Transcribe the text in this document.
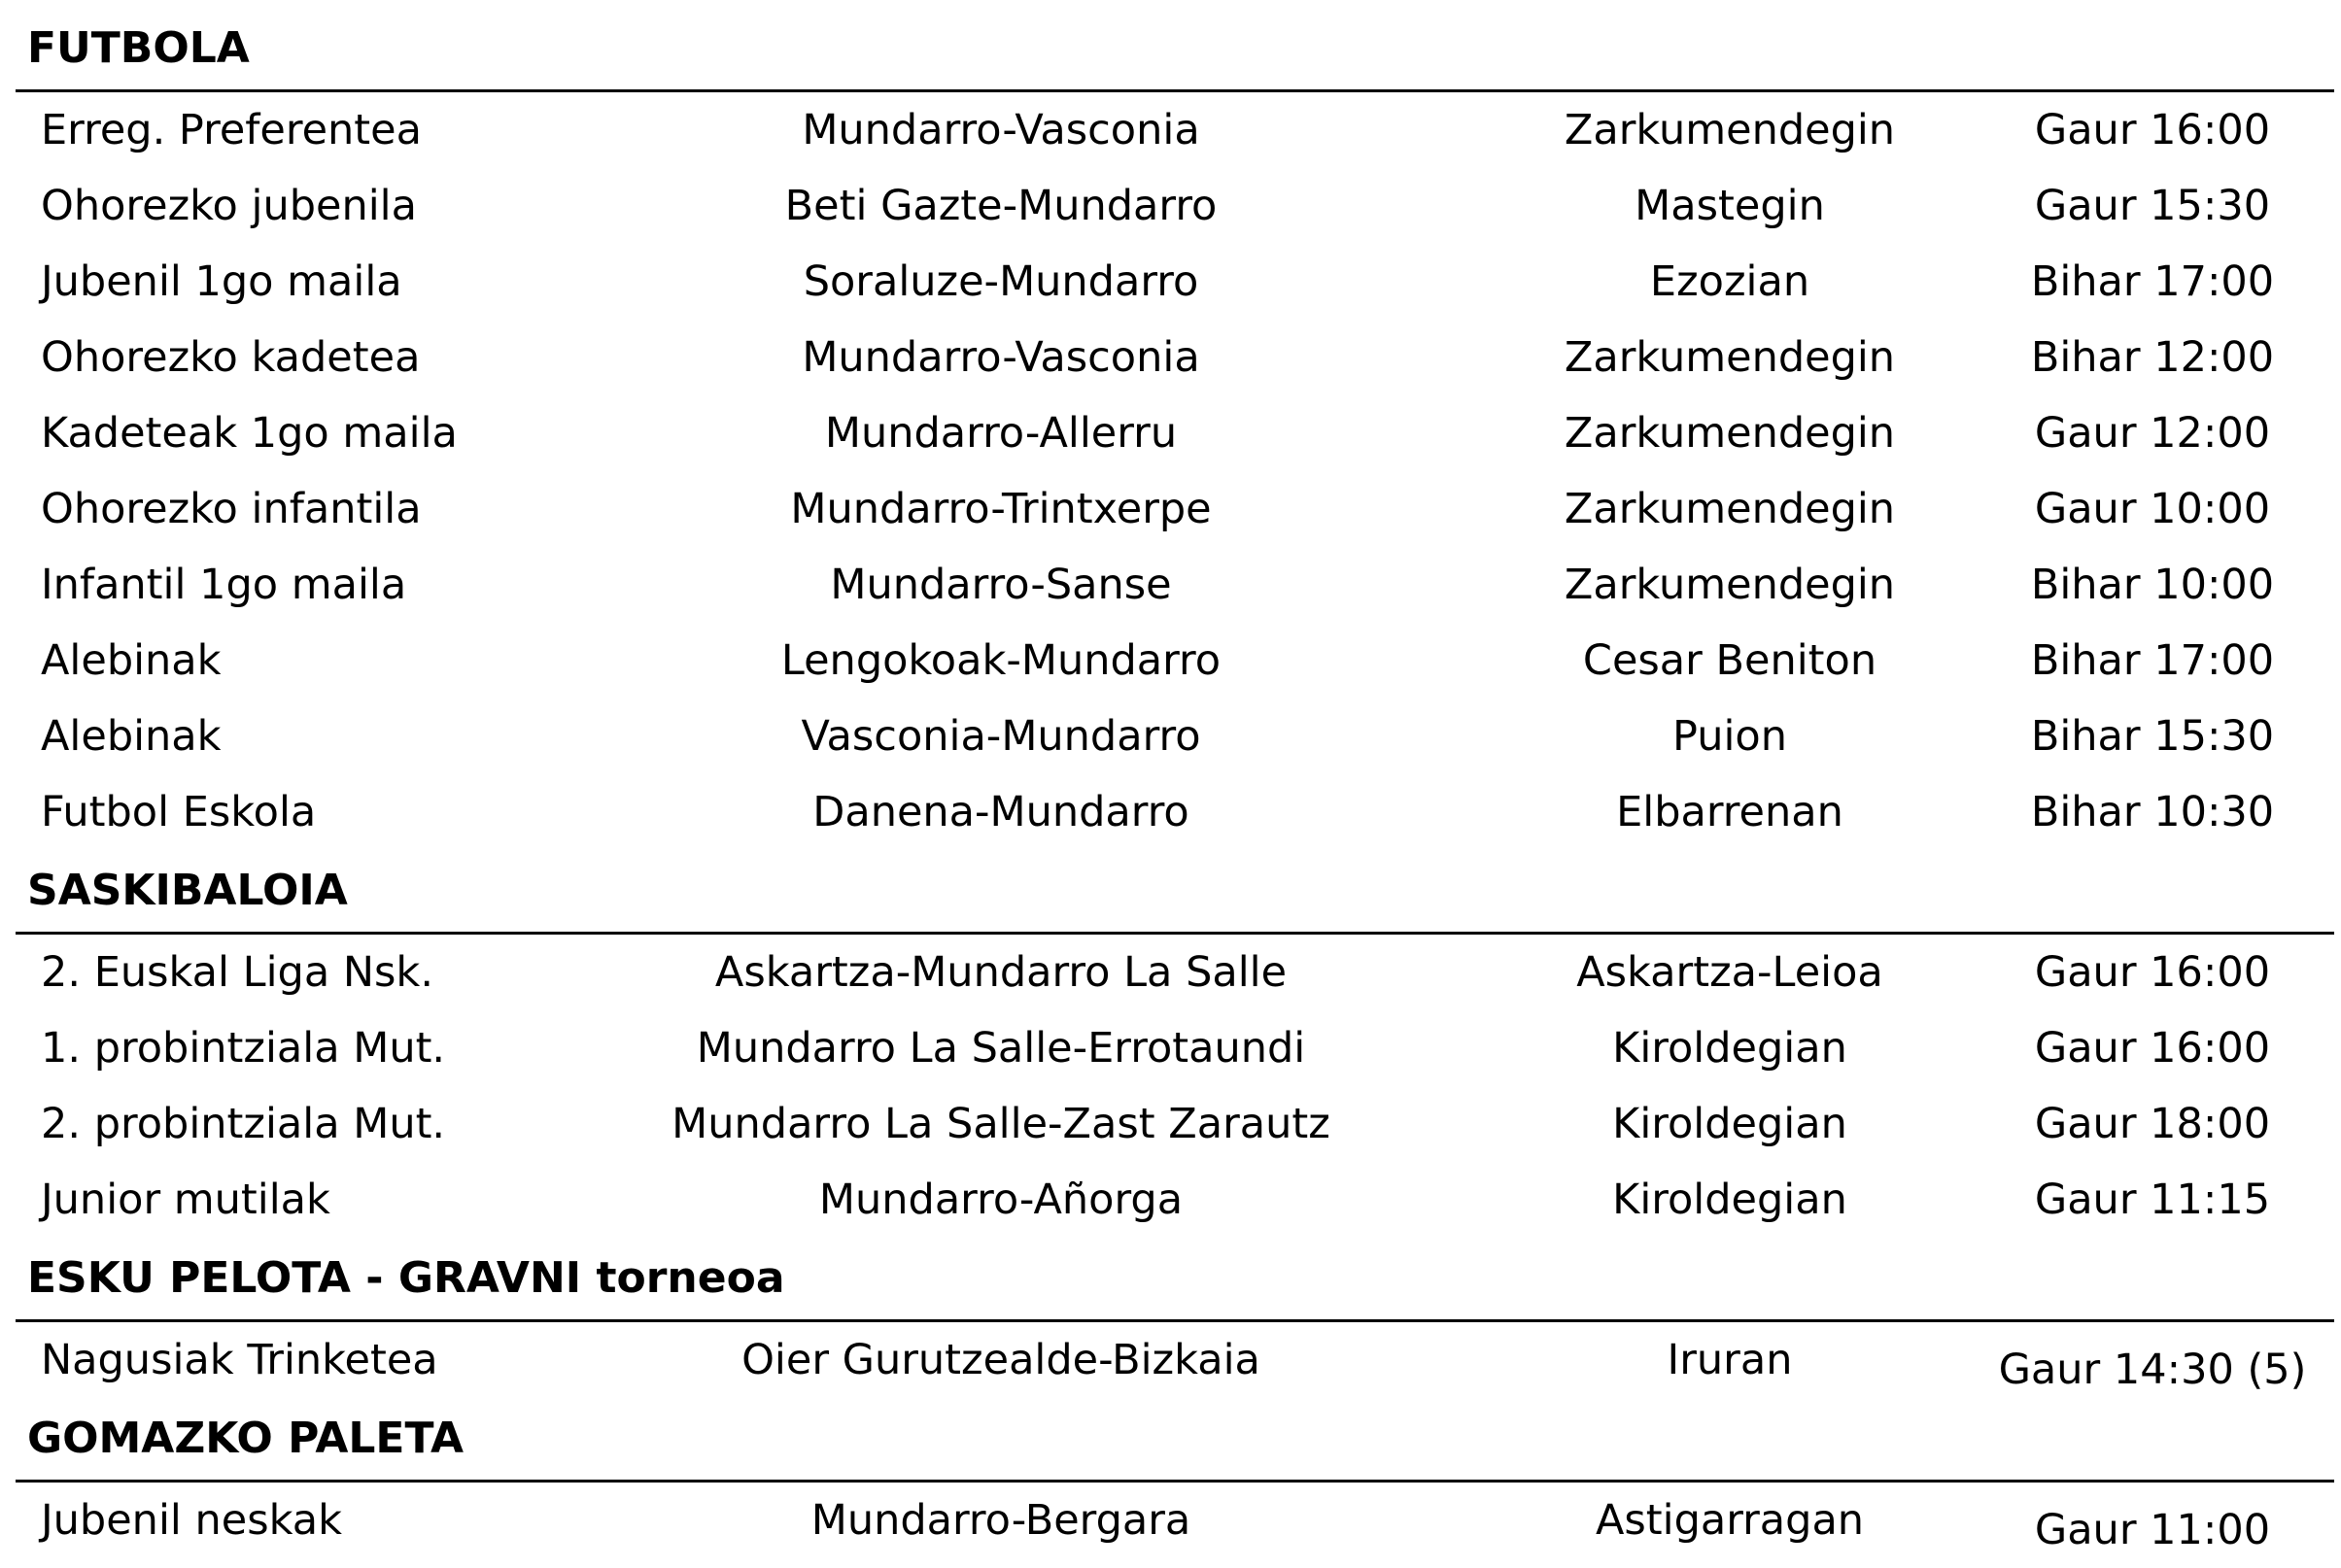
FUTBOLA
Erreg. Preferentea	Mundarro-Vasconia	Zarkumendegin	Gaur 16:00
Ohorezko jubenila	Beti Gazte-Mundarro	Mastegin	Gaur 15:30
Jubenil 1go maila	Soraluze-Mundarro	Ezozian	Bihar 17:00
Ohorezko kadetea	Mundarro-Vasconia	Zarkumendegin	Bihar 12:00
Kadeteak 1go maila	Mundarro-Allerru	Zarkumendegin	Gaur 12:00
Ohorezko infantila	Mundarro-Trintxerpe	Zarkumendegin	Gaur 10:00
Infantil 1go maila	Mundarro-Sanse	Zarkumendegin	Bihar 10:00
Alebinak	Lengokoak-Mundarro	Cesar Beniton	Bihar 17:00
Alebinak	Vasconia-Mundarro	Puion	Bihar 15:30
Futbol Eskola	Danena-Mundarro	Elbarrenan	Bihar 10:30
SASKIBALOIA
2. Euskal Liga Nsk.	Askartza-Mundarro La Salle	Askartza-Leioa	Gaur 16:00
1. probintziala Mut.	Mundarro La Salle-Errotaundi	Kiroldegian	Gaur 16:00
2. probintziala Mut.	Mundarro La Salle-Zast Zarautz	Kiroldegian	Gaur 18:00
Junior mutilak	Mundarro-Añorga	Kiroldegian	Gaur 11:15
ESKU PELOTA - GRAVNI torneoa
Nagusiak Trinketea	Oier Gurutzealde-Bizkaia	Iruran	Gaur 14:30 (5)
GOMAZKO PALETA
Jubenil neskak	Mundarro-Bergara	Astigarragan	Gaur 11:00
